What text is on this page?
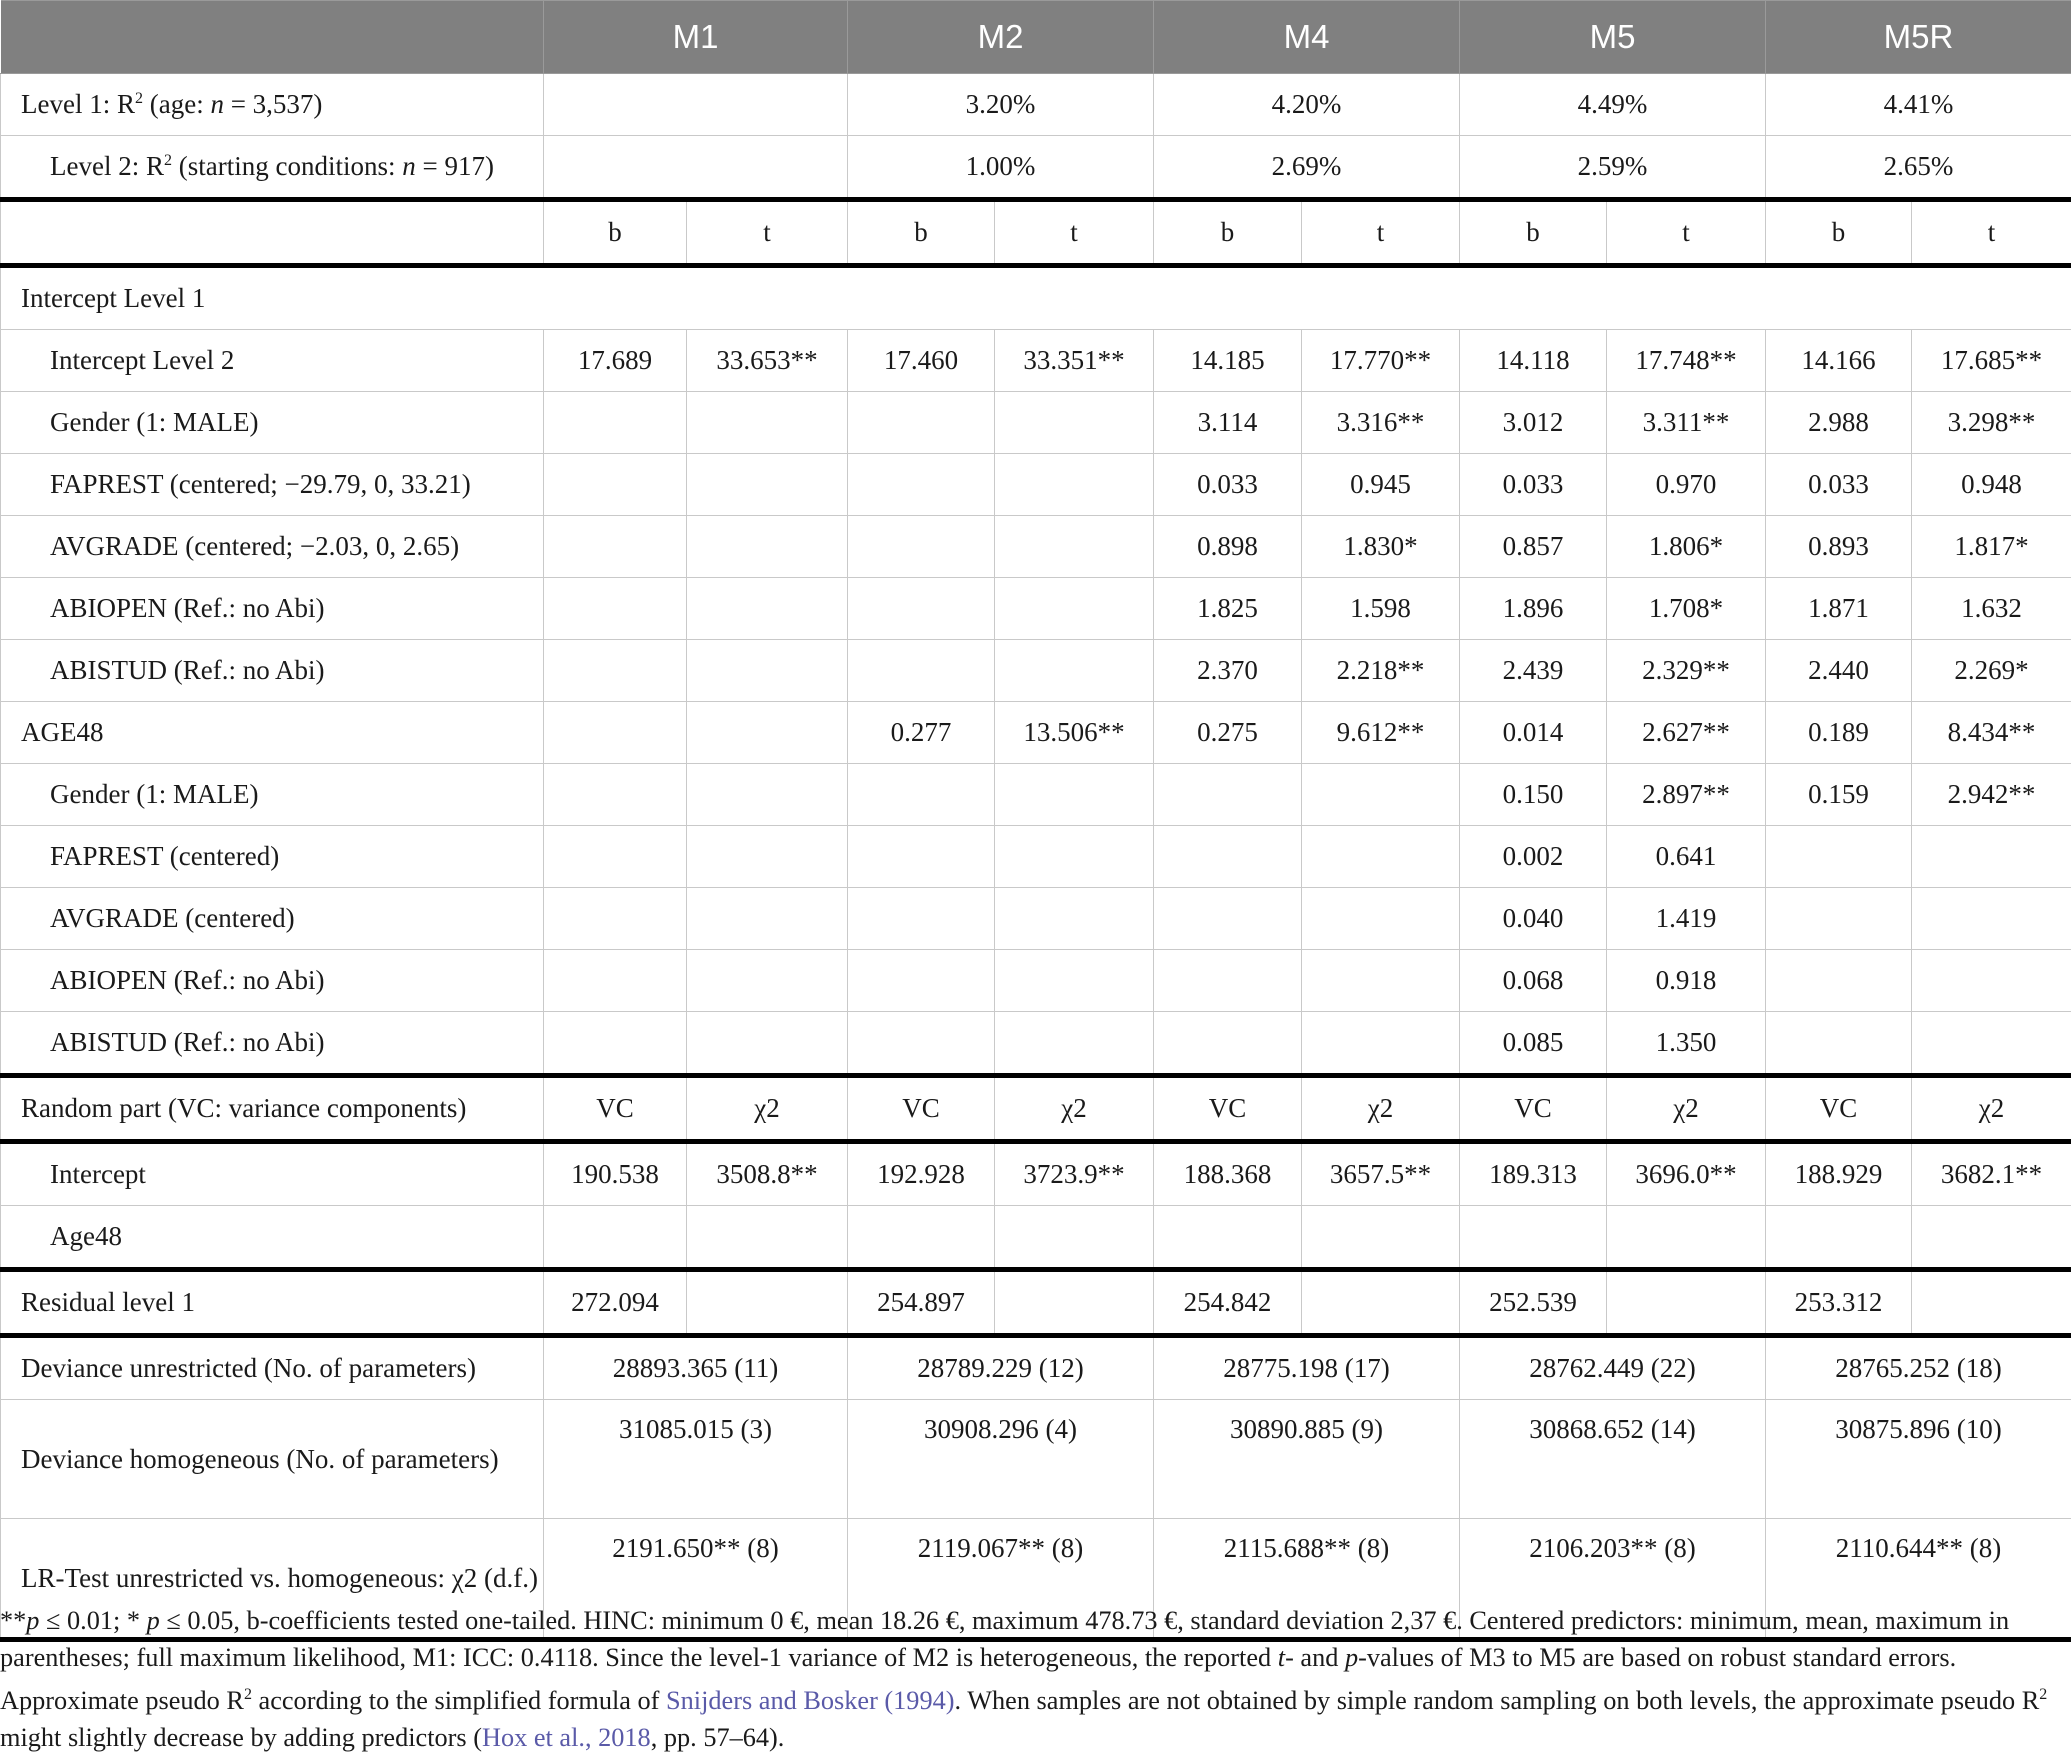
	M1		M2		M4		M5		M5R	
Level 1: $R^2$ (age: n = 3,537)			3.20%		4.20%		4.49%		4.41%	
Level 2: $R^2$ (starting conditions: n = 917)			1.00%		2.69%		2.59%		2.65%	
	b	t	b	t	b	t	b	t	b	t
Intercept Level 1										
Intercept Level 2	17.689	33.653**	17.460	33.351**	14.185	17.770**	14.118	17.748**	14.166	17.685**
Gender (1: MALE)					3.114	3.316**	3.012	3.311**	2.988	3.298**
FAPREST (centered; −29.79, 0, 33.21)					0.033	0.945	0.033	0.970	0.033	0.948
AVGRADE (centered; −2.03, 0, 2.65)					0.898	1.830*	0.857	1.806*	0.893	1.817*
ABIOPEN (Ref.: no Abi)					1.825	1.598	1.896	1.708*	1.871	1.632
ABISTUD (Ref.: no Abi)					2.370	2.218**	2.439	2.329**	2.440	2.269*
AGE48			0.277	13.506**	0.275	9.612**	0.014	2.627**	0.189	8.434**
Gender (1: MALE)							0.150	2.897**	0.159	2.942**
FAPREST (centered)							0.002	0.641		
AVGRADE (centered)							0.040	1.419		
ABIOPEN (Ref.: no Abi)							0.068	0.918		
ABISTUD (Ref.: no Abi)							0.085	1.350		
Random part (VC: variance components)	VC	χ2	VC	χ2	VC	χ2	VC	χ2	VC	χ2
Intercept	190.538	3508.8**	192.928	3723.9**	188.368	3657.5**	189.313	3696.0**	188.929	3682.1**
Age48										
Residual level 1	272.094		254.897		254.842		252.539		253.312	
Deviance unrestricted (No. of parameters)	28893.365 (11)		28789.229 (12)		28775.198 (17)		28762.449 (22)		28765.252 (18)	
Deviance homogeneous (No. of parameters)	31085.015 (3)		30908.296 (4)		30890.885 (9)		30868.652 (14)		30875.896 (10)	
LR-Test unrestricted vs. homogeneous: χ2 (d.f.)	2191.650** (8)		2119.067** (8)		2115.688** (8)		2106.203** (8)		2110.644** (8)	
**p ≤ 0.01; * p ≤ 0.05, b-coefficients tested one-tailed. HINC: minimum 0 €, mean 18.26 €, maximum 478.73 €, standard deviation 2,37 €. Centered predictors: minimum, mean, maximum in parentheses; full maximum likelihood, M1: ICC: 0.4118. Since the level-1 variance of M2 is heterogeneous, the reported t- and p-values of M3 to M5 are based on robust standard errors. Approximate pseudo $R^2$ according to the simplified formula of Snijders and Bosker (1994). When samples are not obtained by simple random sampling on both levels, the approximate pseudo $R^2$ might slightly decrease by adding predictors (Hox et al., 2018, pp. 57–64).
